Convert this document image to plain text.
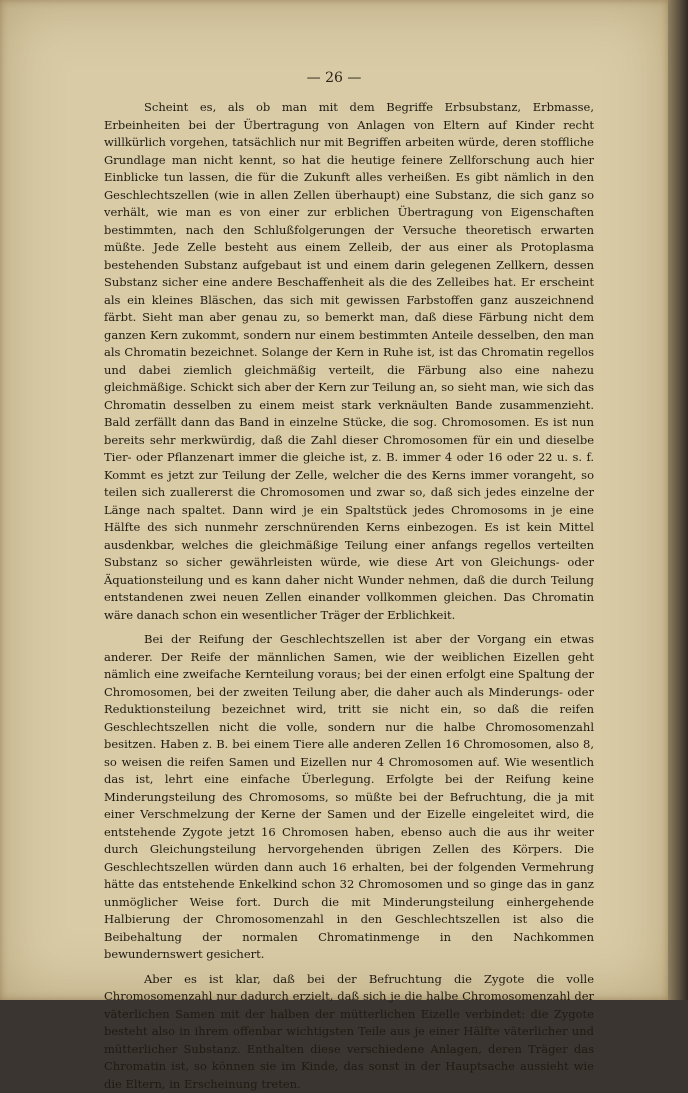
— 26 —

Scheint es, als ob man mit dem Begriffe Erbsubstanz, Erbmasse, Erbeinheiten bei der Übertragung von Anlagen von Eltern auf Kinder recht willkürlich vorgehen, tatsächlich nur mit Begriffen arbeiten würde, deren stoffliche Grundlage man nicht kennt, so hat die heutige feinere Zellforschung auch hier Einblicke tun lassen, die für die Zukunft alles verheißen. Es gibt nämlich in den Geschlechtszellen (wie in allen Zellen überhaupt) eine Substanz, die sich ganz so verhält, wie man es von einer zur erblichen Übertragung von Eigenschaften bestimmten, nach den Schlußfolgerungen der Versuche theoretisch erwarten müßte. Jede Zelle besteht aus einem Zelleib, der aus einer als Protoplasma bestehenden Substanz aufgebaut ist und einem darin gelegenen Zellkern, dessen Substanz sicher eine andere Beschaffenheit als die des Zelleibes hat. Er erscheint als ein kleines Bläschen, das sich mit gewissen Farbstoffen ganz auszeichnend färbt. Sieht man aber genau zu, so bemerkt man, daß diese Färbung nicht dem ganzen Kern zukommt, sondern nur einem bestimmten Anteile desselben, den man als Chromatin bezeichnet. Solange der Kern in Ruhe ist, ist das Chromatin regellos und dabei ziemlich gleichmäßig verteilt, die Färbung also eine nahezu gleichmäßige. Schickt sich aber der Kern zur Teilung an, so sieht man, wie sich das Chromatin desselben zu einem meist stark verknäulten Bande zusammenzieht. Bald zerfällt dann das Band in einzelne Stücke, die sog. Chromosomen. Es ist nun bereits sehr merkwürdig, daß die Zahl dieser Chromosomen für ein und dieselbe Tier- oder Pflanzenart immer die gleiche ist, z. B. immer 4 oder 16 oder 22 u. s. f. Kommt es jetzt zur Teilung der Zelle, welcher die des Kerns immer vorangeht, so teilen sich zuallererst die Chromosomen und zwar so, daß sich jedes einzelne der Länge nach spaltet. Dann wird je ein Spaltstück jedes Chromosoms in je eine Hälfte des sich nunmehr zerschnürenden Kerns einbezogen. Es ist kein Mittel ausdenkbar, welches die gleichmäßige Teilung einer anfangs regellos verteilten Substanz so sicher gewährleisten würde, wie diese Art von Gleichungs- oder Äquationsteilung und es kann daher nicht Wunder nehmen, daß die durch Teilung entstandenen zwei neuen Zellen einander vollkommen gleichen. Das Chromatin wäre danach schon ein wesentlicher Träger der Erblichkeit.

Bei der Reifung der Geschlechtszellen ist aber der Vorgang ein etwas anderer. Der Reife der männlichen Samen, wie der weiblichen Eizellen geht nämlich eine zweifache Kernteilung voraus; bei der einen erfolgt eine Spaltung der Chromosomen, bei der zweiten Teilung aber, die daher auch als Minderungs- oder Reduktionsteilung bezeichnet wird, tritt sie nicht ein, so daß die reifen Geschlechtszellen nicht die volle, sondern nur die halbe Chromosomenzahl besitzen. Haben z. B. bei einem Tiere alle anderen Zellen 16 Chromosomen, also 8, so weisen die reifen Samen und Eizellen nur 4 Chromosomen auf. Wie wesentlich das ist, lehrt eine einfache Überlegung. Erfolgte bei der Reifung keine Minderungsteilung des Chromosoms, so müßte bei der Befruchtung, die ja mit einer Verschmelzung der Kerne der Samen und der Eizelle eingeleitet wird, die entstehende Zygote jetzt 16 Chromosen haben, ebenso auch die aus ihr weiter durch Gleichungsteilung hervorgehenden übrigen Zellen des Körpers. Die Geschlechtszellen würden dann auch 16 erhalten, bei der folgenden Vermehrung hätte das entstehende Enkelkind schon 32 Chromosomen und so ginge das in ganz unmöglicher Weise fort. Durch die mit Minderungsteilung einhergehende Halbierung der Chromosomenzahl in den Geschlechtszellen ist also die Beibehaltung der normalen Chromatinmenge in den Nachkommen bewundernswert gesichert.

Aber es ist klar, daß bei der Befruchtung die Zygote die volle Chromosomenzahl nur dadurch erzielt, daß sich je die halbe Chromosomenzahl der väterlichen Samen mit der halben der mütterlichen Eizelle verbindet: die Zygote besteht also in ihrem offenbar wichtigsten Teile aus je einer Hälfte väterlicher und mütterlicher Substanz. Enthalten diese verschiedene Anlagen, deren Träger das Chromatin ist, so können sie im Kinde, das sonst in der Hauptsache aussieht wie die Eltern, in Erscheinung treten.
